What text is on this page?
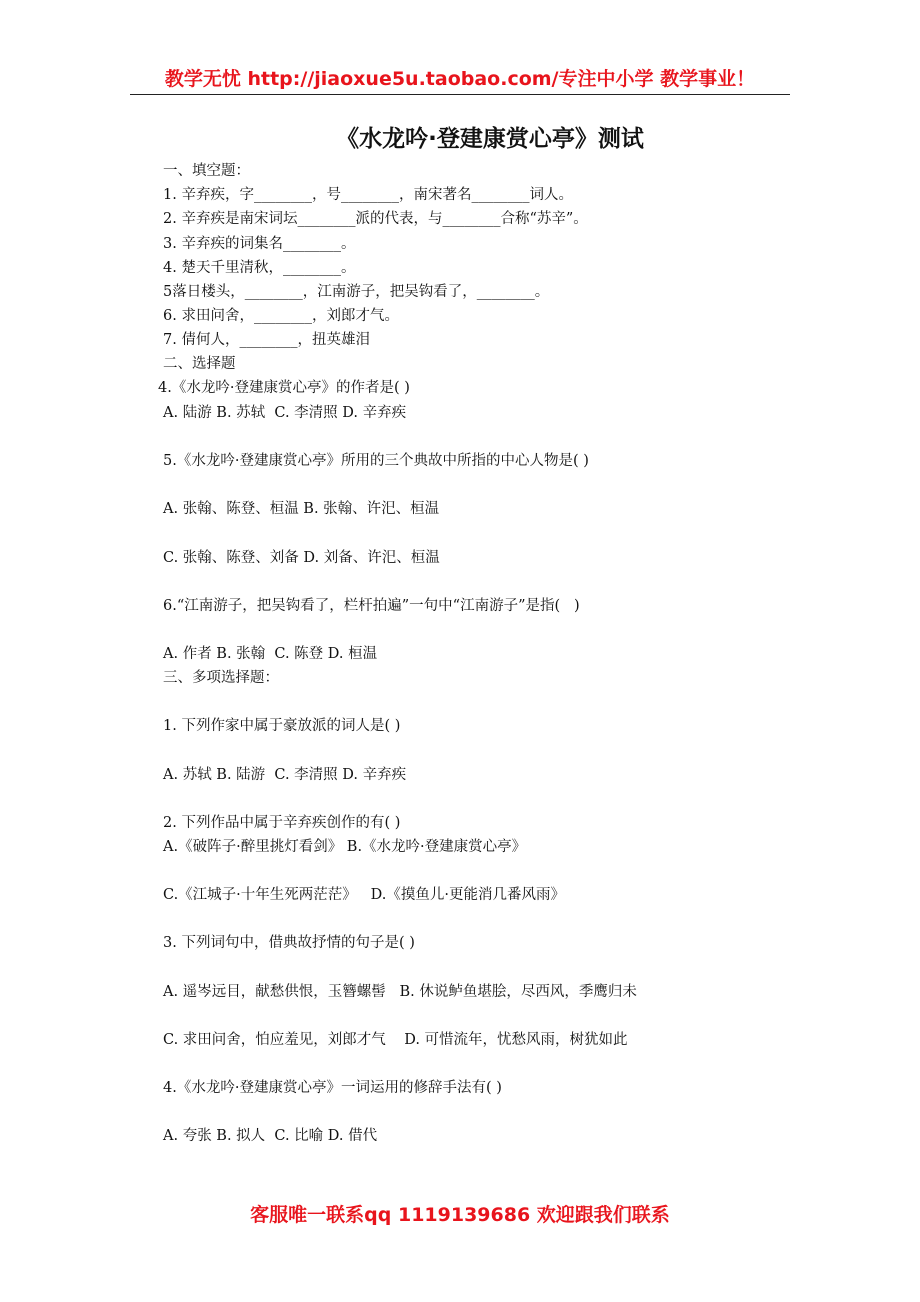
教学无忧 http://jiaoxue5u.taobao.com/专注中小学 教学事业！
《水龙吟·登建康赏心亭》测试
一、填空题：
1. 辛弃疾，字________，号________，南宋著名________词人。
2. 辛弃疾是南宋词坛________派的代表，与________合称“苏辛”。
3. 辛弃疾的词集名________。
4. 楚天千里清秋，________。
5落日楼头，________，江南游子，把吴钩看了，________。
6. 求田问舍，________，刘郎才气。
7. 倩何人，________，扭英雄泪
二、选择题
4.《水龙吟·登建康赏心亭》的作者是( )
A. 陆游 B. 苏轼  C. 李清照 D. 辛弃疾
5.《水龙吟·登建康赏心亭》所用的三个典故中所指的中心人物是( )
A. 张翰、陈登、桓温 B. 张翰、许汜、桓温
C. 张翰、陈登、刘备 D. 刘备、许汜、桓温
6.“江南游子，把吴钩看了，栏杆拍遍”一句中“江南游子”是指(   )
A. 作者 B. 张翰  C. 陈登 D. 桓温
三、多项选择题：
1. 下列作家中属于豪放派的词人是( )
A. 苏轼 B. 陆游  C. 李清照 D. 辛弃疾
2. 下列作品中属于辛弃疾创作的有( )
A.《破阵子·醉里挑灯看剑》 B.《水龙吟·登建康赏心亭》
C.《江城子·十年生死两茫茫》   D.《摸鱼儿·更能消几番风雨》
3. 下列词句中，借典故抒情的句子是( )
A. 遥岑远目，献愁供恨，玉簪螺髻   B. 休说鲈鱼堪脍，尽西风，季鹰归未
C. 求田问舍，怕应羞见，刘郎才气    D. 可惜流年，忧愁风雨，树犹如此
4.《水龙吟·登建康赏心亭》一词运用的修辞手法有( )
A. 夸张 B. 拟人  C. 比喻 D. 借代
客服唯一联系qq 1119139686 欢迎跟我们联系
